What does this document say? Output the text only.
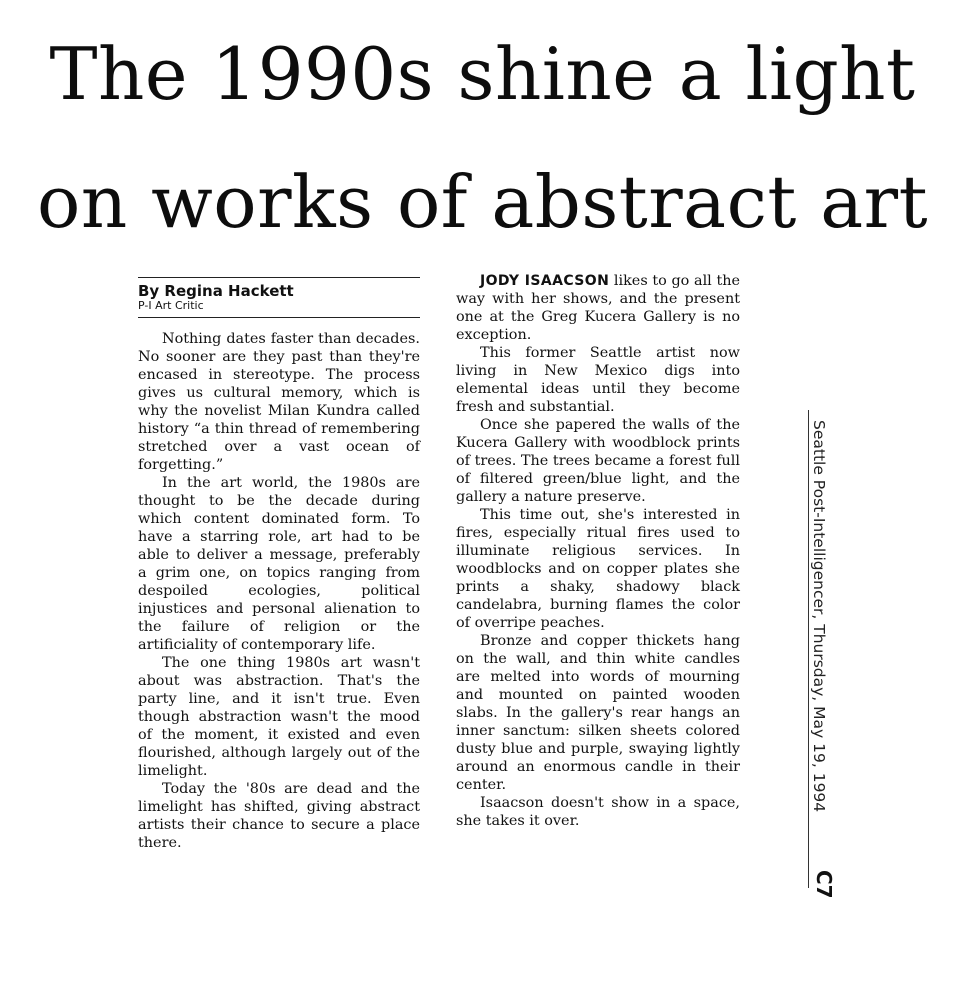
The 1990s shine a light
on works of abstract art
By Regina Hackett
P-I Art Critic

Nothing dates faster than decades. No sooner are they past than they're encased in stereotype. The process gives us cultural memory, which is why the novelist Milan Kundra called history “a thin thread of remembering stretched over a vast ocean of forgetting.”

In the art world, the 1980s are thought to be the decade during which content dominated form. To have a starring role, art had to be able to deliver a message, preferably a grim one, on topics ranging from despoiled ecologies, political injustices and personal alienation to the failure of religion or the artificiality of contemporary life.

The one thing 1980s art wasn't about was abstraction. That's the party line, and it isn't true. Even though abstraction wasn't the mood of the moment, it existed and even flourished, although largely out of the limelight.

Today the '80s are dead and the limelight has shifted, giving abstract artists their chance to secure a place there.

JODY ISAACSON likes to go all the way with her shows, and the present one at the Greg Kucera Gallery is no exception.

This former Seattle artist now living in New Mexico digs into elemental ideas until they become fresh and substantial.

Once she papered the walls of the Kucera Gallery with woodblock prints of trees. The trees became a forest full of filtered green/blue light, and the gallery a nature preserve.

This time out, she's interested in fires, especially ritual fires used to illuminate religious services. In woodblocks and on copper plates she prints a shaky, shadowy black candelabra, burning flames the color of overripe peaches.

Bronze and copper thickets hang on the wall, and thin white candles are melted into words of mourning and mounted on painted wooden slabs. In the gallery's rear hangs an inner sanctum: silken sheets colored dusty blue and purple, swaying lightly around an enormous candle in their center.

Isaacson doesn't show in a space, she takes it over.

Seattle Post-Intelligencer, Thursday, May 19, 1994
C7
